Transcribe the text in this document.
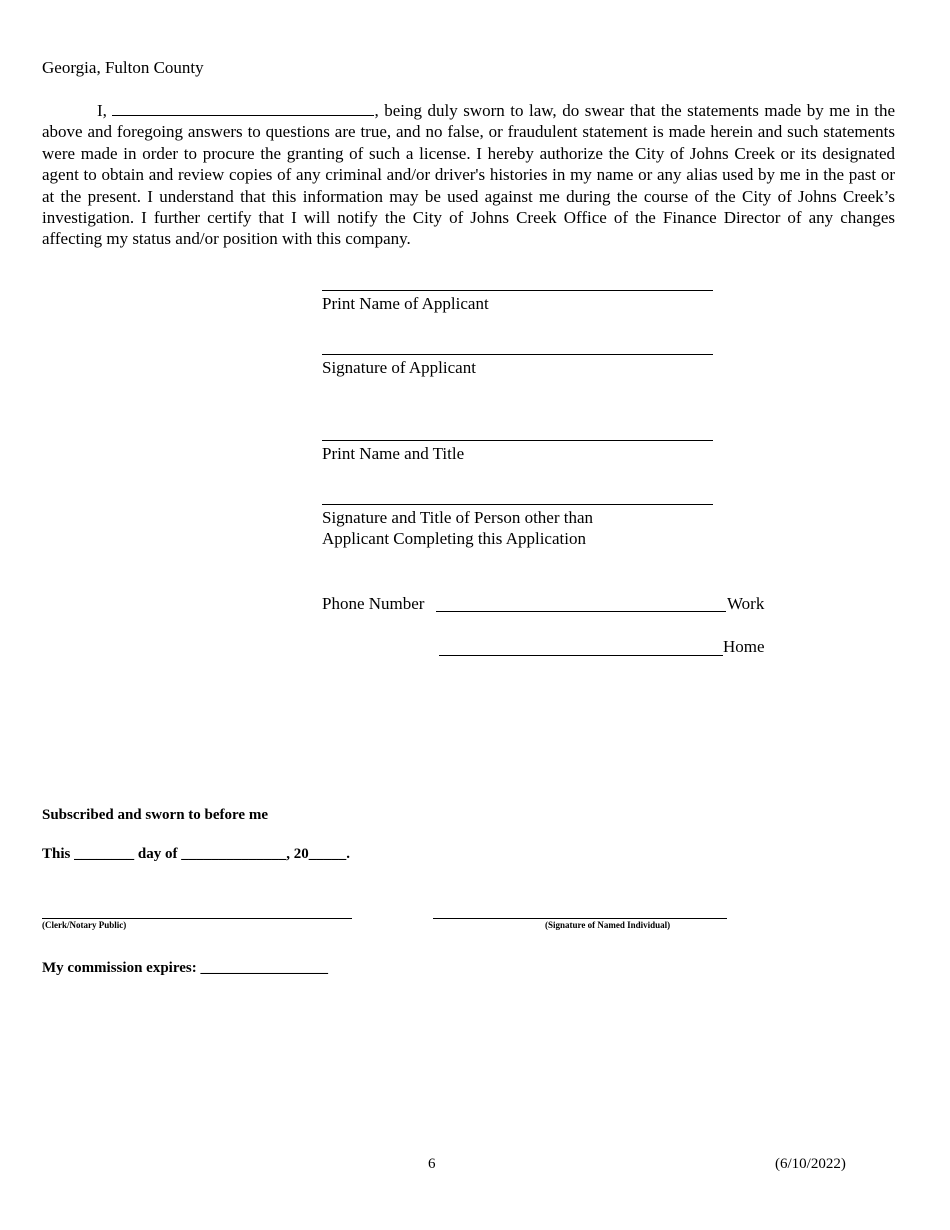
Georgia, Fulton County
I,	, being duly sworn to law, do swear that the statements made by me in the above and foregoing answers to questions are true, and no false, or fraudulent statement is made herein and such statements were made in order to procure the granting of such a license. I hereby authorize the City of Johns Creek or its designated agent to obtain and review copies of any criminal and/or driver's histories in my name or any alias used by me in the past or at the present. I understand that this information may be used against me during the course of the City of Johns Creek’s investigation. I further certify that I will notify the City of Johns Creek Office of the Finance Director of any changes affecting my status and/or position with this company.
Print Name of Applicant
Signature of Applicant
Print Name and Title
Signature and Title of Person other than
Applicant Completing this Application
Phone Number	Work
Home
Subscribed and sworn to before me
This ________ day of ______________, 20_____.
(Clerk/Notary Public)	(Signature of Named Individual)
My commission expires: _________________
6	(6/10/2022)
